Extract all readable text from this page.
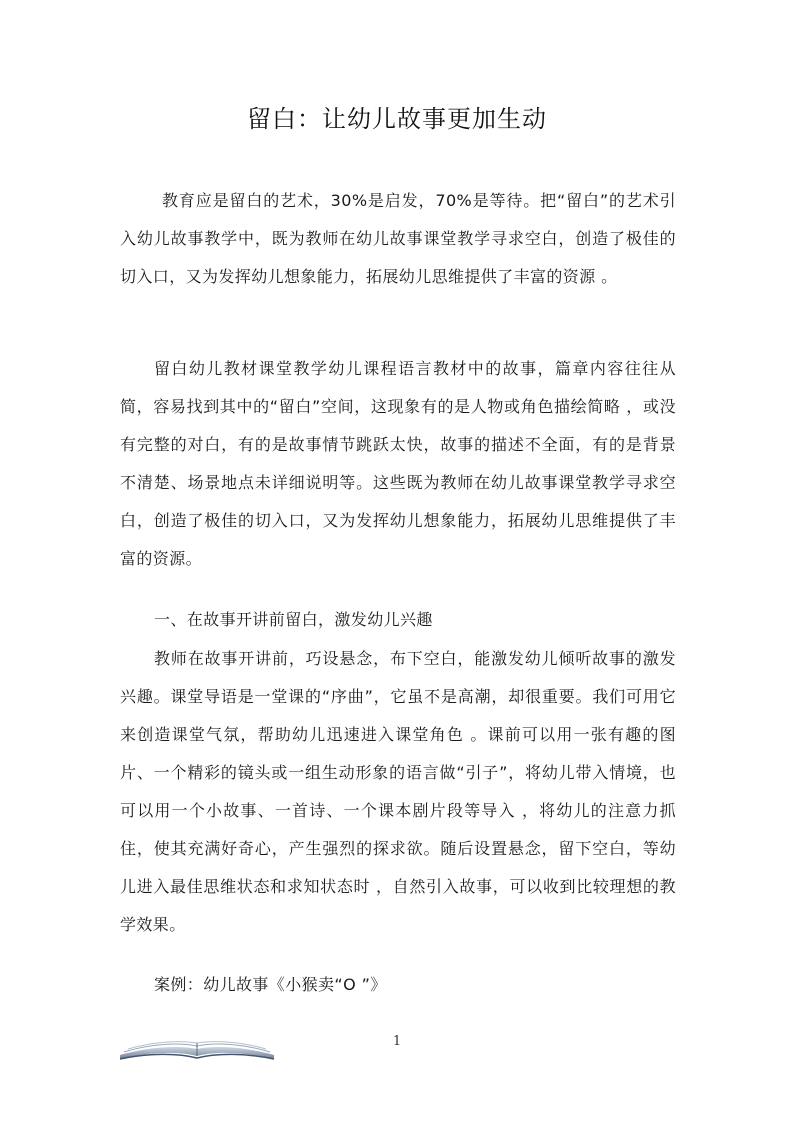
留白：让幼儿故事更加生动
教育应是留白的艺术，30%是启发，70%是等待。把“留白”的艺术引入幼儿故事教学中，既为教师在幼儿故事课堂教学寻求空白，创造了极佳的切入口，又为发挥幼儿想象能力，拓展幼儿思维提供了丰富的资源 。
留白幼儿教材课堂教学幼儿课程语言教材中的故事，篇章内容往往从简，容易找到其中的“留白”空间，这现象有的是人物或角色描绘简略 ，或没有完整的对白，有的是故事情节跳跃太快，故事的描述不全面，有的是背景不清楚、场景地点未详细说明等。这些既为教师在幼儿故事课堂教学寻求空白，创造了极佳的切入口，又为发挥幼儿想象能力，拓展幼儿思维提供了丰富的资源。
一、在故事开讲前留白，激发幼儿兴趣
教师在故事开讲前，巧设悬念，布下空白，能激发幼儿倾听故事的激发兴趣。课堂导语是一堂课的“序曲”，它虽不是高潮，却很重要。我们可用它来创造课堂气氛，帮助幼儿迅速进入课堂角色 。课前可以用一张有趣的图片、一个精彩的镜头或一组生动形象的语言做“引子”，将幼儿带入情境，也可以用一个小故事、一首诗、一个课本剧片段等导入 ，将幼儿的注意力抓住，使其充满好奇心，产生强烈的探求欲。随后设置悬念，留下空白，等幼儿进入最佳思维状态和求知状态时 ，自然引入故事，可以收到比较理想的教学效果。
案例：幼儿故事《小猴卖“O ”》
1
